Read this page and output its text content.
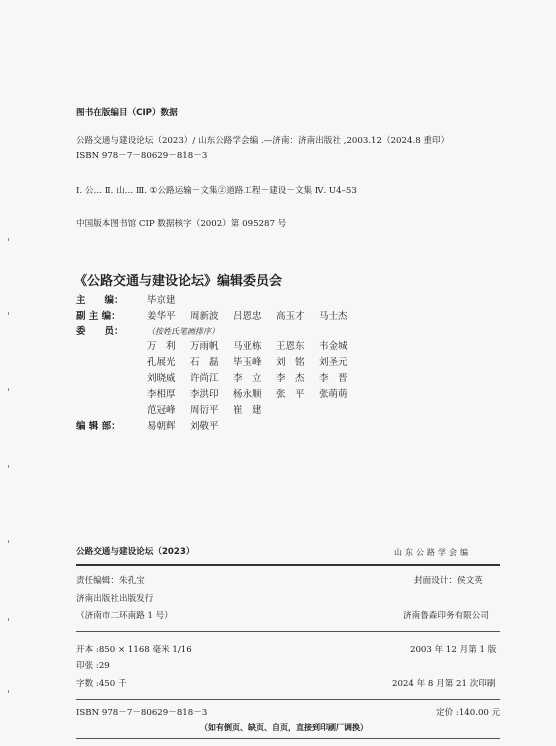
图书在版编目（CIP）数据
公路交通与建设论坛（2023）/ 山东公路学会编 .—济南：济南出版社 ,2003.12（2024.8 重印）
ISBN 978－7－80629－818－3
Ⅰ. 公… Ⅱ. 山… Ⅲ. ①公路运输－文集②道路工程－建设－文集 Ⅳ. U4–53
中国版本图书馆 CIP 数据核字（2002）第 095287 号
《公路交通与建设论坛》编辑委员会
主　　编： 毕京建
副 主 编：	姜华平 周新波 吕恩忠 高玉才 马士杰
委　　员：	（按姓氏笔画排序）
万　利 万雨帆 马亚栋 王恩东 韦金城
孔展光 石　磊 毕玉峰 刘　铭 刘圣元
刘晓威 许尚江 李　立 李　杰 李　晋
李相厚 李洪印 杨永顺 张　平 张萌萌
范冠峰 周衍平 崔　建
编 辑 部：	易朝辉 刘敬平
公路交通与建设论坛（2023）	山东公路学会编
责任编辑：朱孔宝	封面设计：侯文英
济南出版社出版发行
（济南市二环南路 1 号）	济南鲁森印务有限公司
开本 :850 × 1168 毫米 1/16	2003 年 12 月第 1 版
印张 :29
字数 :450 千	2024 年 8 月第 21 次印刷
ISBN 978－7－80629－818－3	定价 :140.00 元
（如有倒页、缺页、自页，直接到印刷厂调换）
